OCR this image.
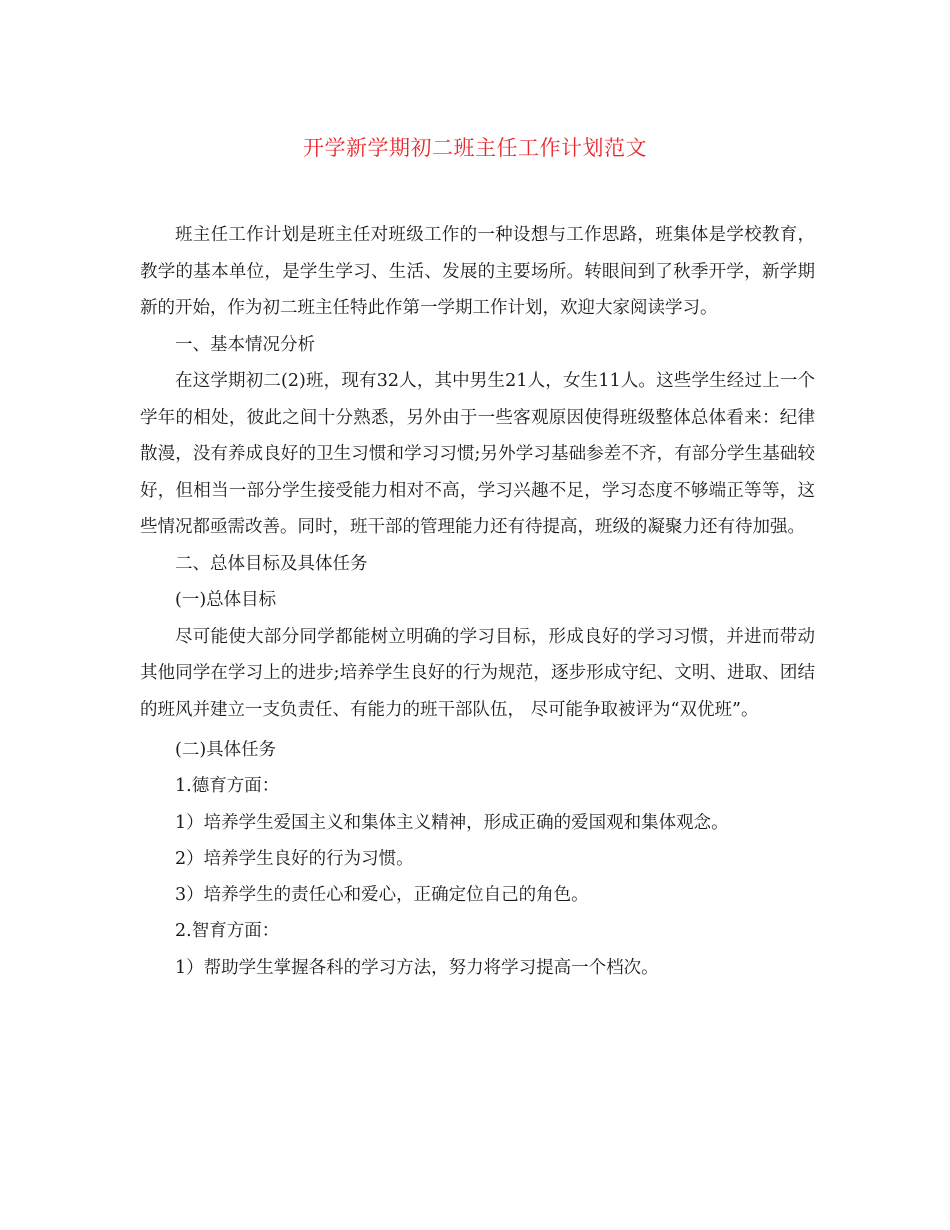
开学新学期初二班主任工作计划范文

班主任工作计划是班主任对班级工作的一种设想与工作思路，班集体是学校教育，教学的基本单位，是学生学习、生活、发展的主要场所。转眼间到了秋季开学，新学期新的开始，作为初二班主任特此作第一学期工作计划，欢迎大家阅读学习。

一、基本情况分析

在这学期初二(2)班，现有32人，其中男生21人，女生11人。这些学生经过上一个学年的相处，彼此之间十分熟悉，另外由于一些客观原因使得班级整体总体看来：纪律散漫，没有养成良好的卫生习惯和学习习惯;另外学习基础参差不齐，有部分学生基础较好，但相当一部分学生接受能力相对不高，学习兴趣不足，学习态度不够端正等等，这些情况都亟需改善。同时，班干部的管理能力还有待提高，班级的凝聚力还有待加强。

二、总体目标及具体任务

(一)总体目标

尽可能使大部分同学都能树立明确的学习目标，形成良好的学习习惯，并进而带动其他同学在学习上的进步;培养学生良好的行为规范，逐步形成守纪、文明、进取、团结的班风并建立一支负责任、有能力的班干部队伍， 尽可能争取被评为“双优班”。

(二)具体任务

1.德育方面：

1）培养学生爱国主义和集体主义精神，形成正确的爱国观和集体观念。

2）培养学生良好的行为习惯。

3）培养学生的责任心和爱心，正确定位自己的角色。

2.智育方面：

1）帮助学生掌握各科的学习方法，努力将学习提高一个档次。
